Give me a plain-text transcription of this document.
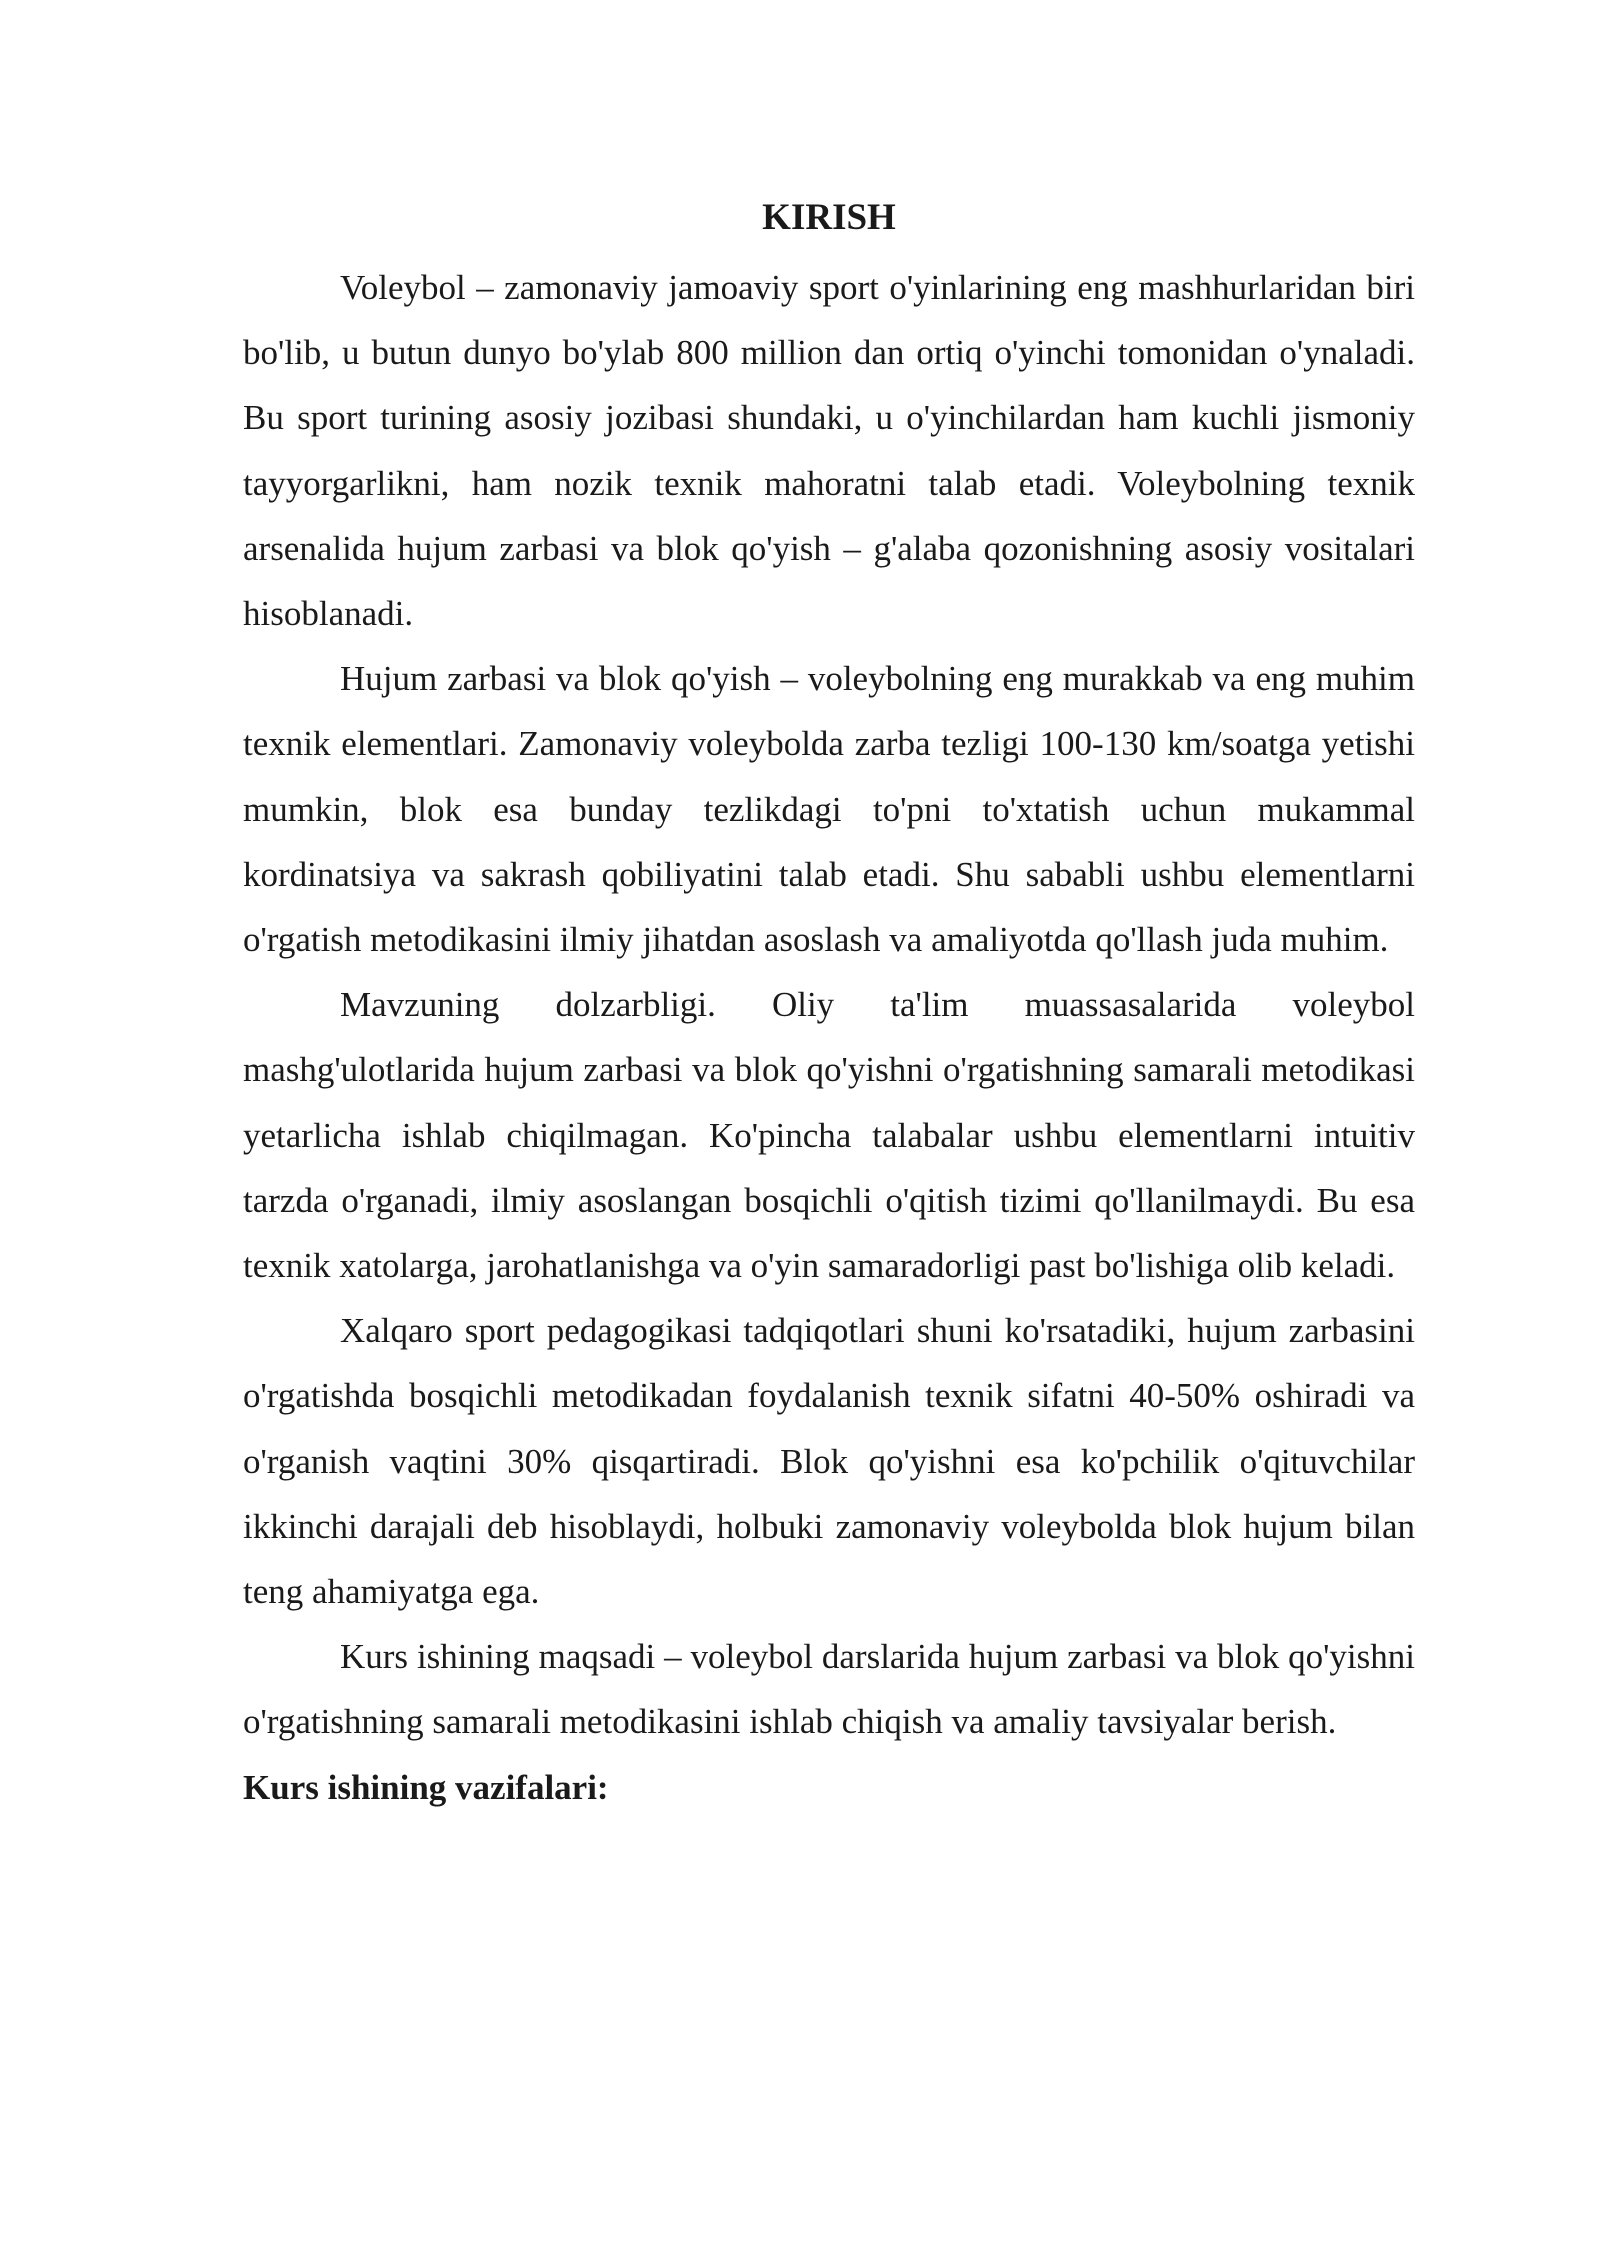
KIRISH

Voleybol – zamonaviy jamoaviy sport o'yinlarining eng mashhurlaridan biri bo'lib, u butun dunyo bo'ylab 800 million dan ortiq o'yinchi tomonidan o'ynaladi. Bu sport turining asosiy jozibasi shundaki, u o'yinchilardan ham kuchli jismoniy tayyorgarlikni, ham nozik texnik mahoratni talab etadi. Voleybolning texnik arsenalida hujum zarbasi va blok qo'yish – g'alaba qozonishning asosiy vositalari hisoblanadi.

Hujum zarbasi va blok qo'yish – voleybolning eng murakkab va eng muhim texnik elementlari. Zamonaviy voleybolda zarba tezligi 100-130 km/soatga yetishi mumkin, blok esa bunday tezlikdagi to'pni to'xtatish uchun mukammal kordinatsiya va sakrash qobiliyatini talab etadi. Shu sababli ushbu elementlarni o'rgatish metodikasini ilmiy jihatdan asoslash va amaliyotda qo'llash juda muhim.

Mavzuning dolzarbligi. Oliy ta'lim muassasalarida voleybol mashg'ulotlarida hujum zarbasi va blok qo'yishni o'rgatishning samarali metodikasi yetarlicha ishlab chiqilmagan. Ko'pincha talabalar ushbu elementlarni intuitiv tarzda o'rganadi, ilmiy asoslangan bosqichli o'qitish tizimi qo'llanilmaydi. Bu esa texnik xatolarga, jarohatlanishga va o'yin samaradorligi past bo'lishiga olib keladi.

Xalqaro sport pedagogikasi tadqiqotlari shuni ko'rsatadiki, hujum zarbasini o'rgatishda bosqichli metodikadan foydalanish texnik sifatni 40-50% oshiradi va o'rganish vaqtini 30% qisqartiradi. Blok qo'yishni esa ko'pchilik o'qituvchilar ikkinchi darajali deb hisoblaydi, holbuki zamonaviy voleybolda blok hujum bilan teng ahamiyatga ega.

Kurs ishining maqsadi – voleybol darslarida hujum zarbasi va blok qo'yishni o'rgatishning samarali metodikasini ishlab chiqish va amaliy tavsiyalar berish.

Kurs ishining vazifalari:
